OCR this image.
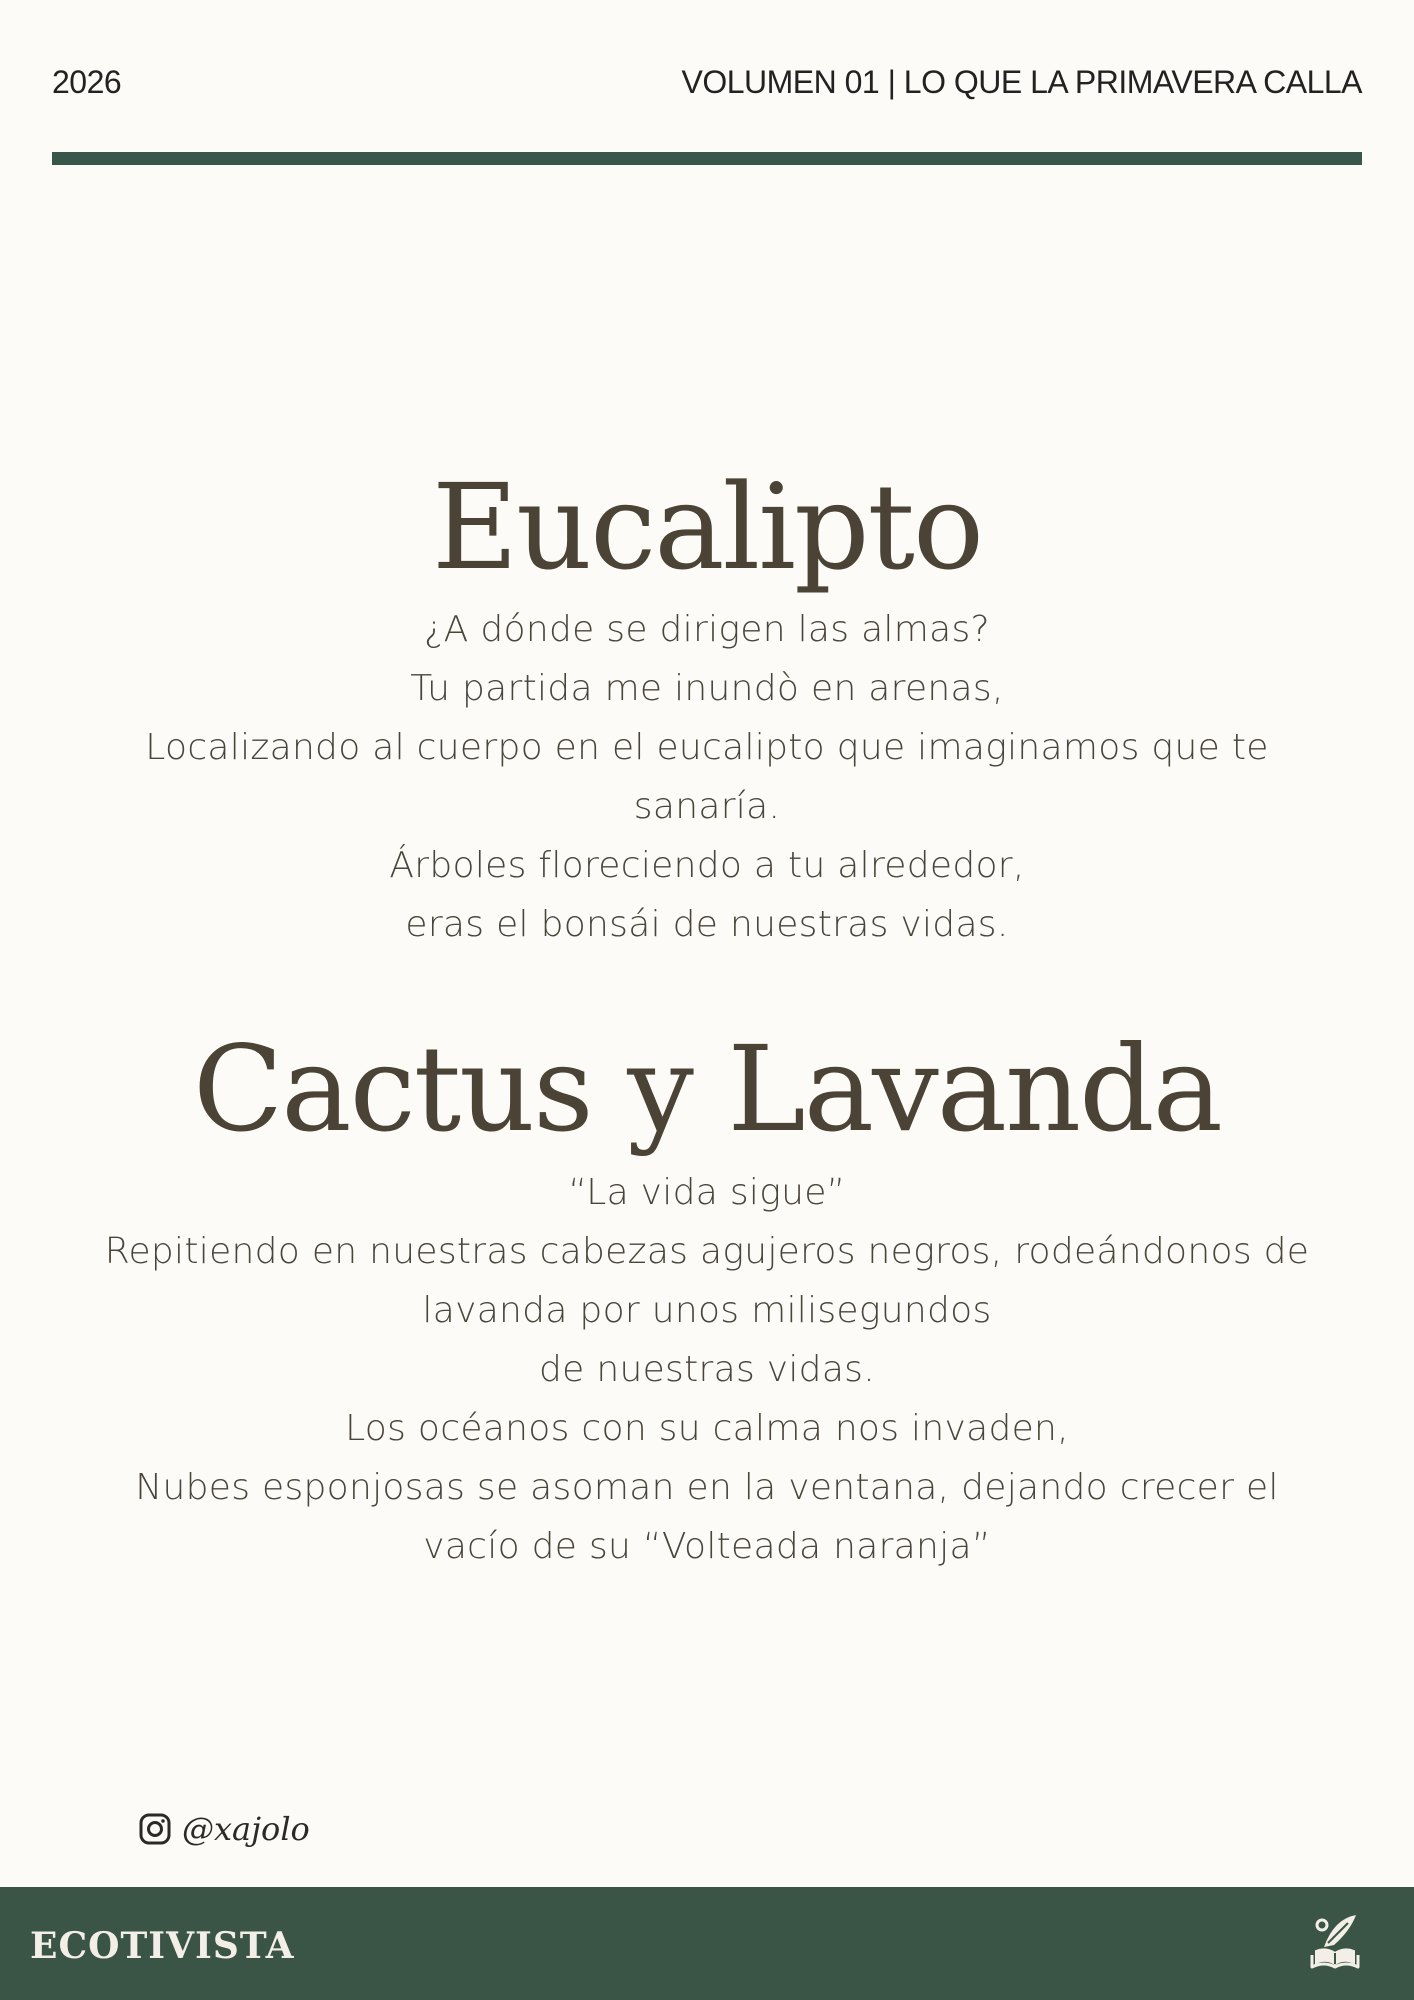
2026	VOLUMEN 01 | LO QUE LA PRIMAVERA CALLA
Eucalipto
¿A dónde se dirigen las almas?
Tu partida me inundò en arenas,
Localizando al cuerpo en el eucalipto que imaginamos que te
sanaría.
Árboles floreciendo a tu alrededor,
eras el bonsái de nuestras vidas.
Cactus y Lavanda
“La vida sigue”
Repitiendo en nuestras cabezas agujeros negros, rodeándonos de
lavanda por unos milisegundos
de nuestras vidas.
Los océanos con su calma nos invaden,
Nubes esponjosas se asoman en la ventana, dejando crecer el
vacío de su “Volteada naranja”
@xajolo
ECOTIVISTA
